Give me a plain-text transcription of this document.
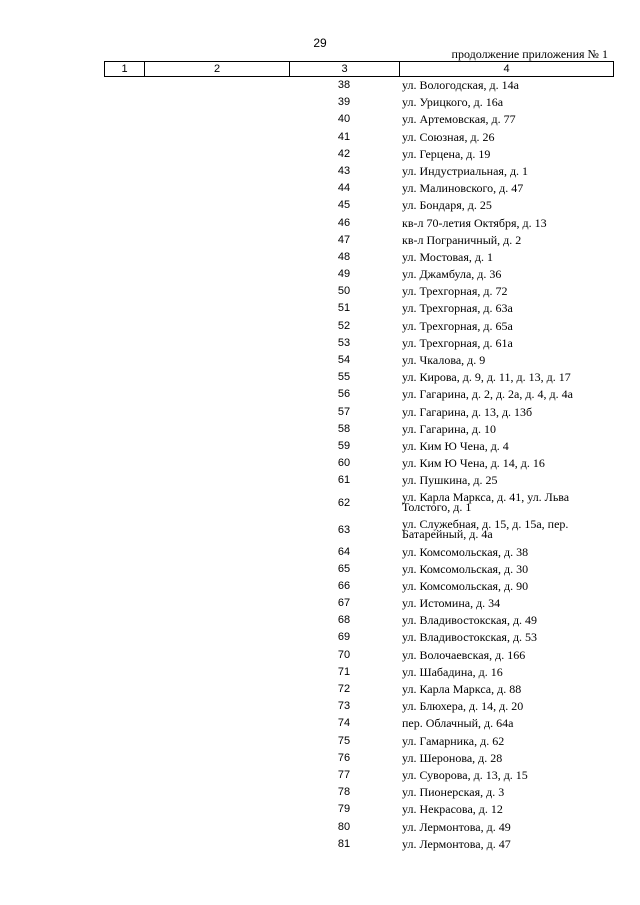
29
продолжение приложения № 1
1	2	3	4
38	ул. Вологодская, д. 14а
39	ул. Урицкого, д. 16а
40	ул. Артемовская, д. 77
41	ул. Союзная, д. 26
42	ул. Герцена, д. 19
43	ул. Индустриальная, д. 1
44	ул. Малиновского, д. 47
45	ул. Бондаря, д. 25
46	кв-л 70-летия Октября, д. 13
47	кв-л Пограничный, д. 2
48	ул. Мостовая, д. 1
49	ул. Джамбула, д. 36
50	ул. Трехгорная, д. 72
51	ул. Трехгорная, д. 63а
52	ул. Трехгорная, д. 65а
53	ул. Трехгорная, д. 61а
54	ул. Чкалова, д. 9
55	ул. Кирова, д. 9, д. 11, д. 13, д. 17
56	ул. Гагарина, д. 2, д. 2а, д. 4, д. 4а
57	ул. Гагарина, д. 13, д. 13б
58	ул. Гагарина, д. 10
59	ул. Ким Ю Чена, д. 4
60	ул. Ким Ю Чена, д. 14, д. 16
61	ул. Пушкина, д. 25
62	ул. Карла Маркса, д. 41, ул. Льва Толстого, д. 1
63	ул. Служебная, д. 15, д. 15а, пер. Батарейный, д. 4а
64	ул. Комсомольская, д. 38
65	ул. Комсомольская, д. 30
66	ул. Комсомольская, д. 90
67	ул. Истомина, д. 34
68	ул. Владивостокская, д. 49
69	ул. Владивостокская, д. 53
70	ул. Волочаевская, д. 166
71	ул. Шабадина, д. 16
72	ул. Карла Маркса, д. 88
73	ул. Блюхера, д. 14, д. 20
74	пер. Облачный, д. 64а
75	ул. Гамарника, д. 62
76	ул. Шеронова, д. 28
77	ул. Суворова, д. 13, д. 15
78	ул. Пионерская, д. 3
79	ул. Некрасова, д. 12
80	ул. Лермонтова, д. 49
81	ул. Лермонтова, д. 47
